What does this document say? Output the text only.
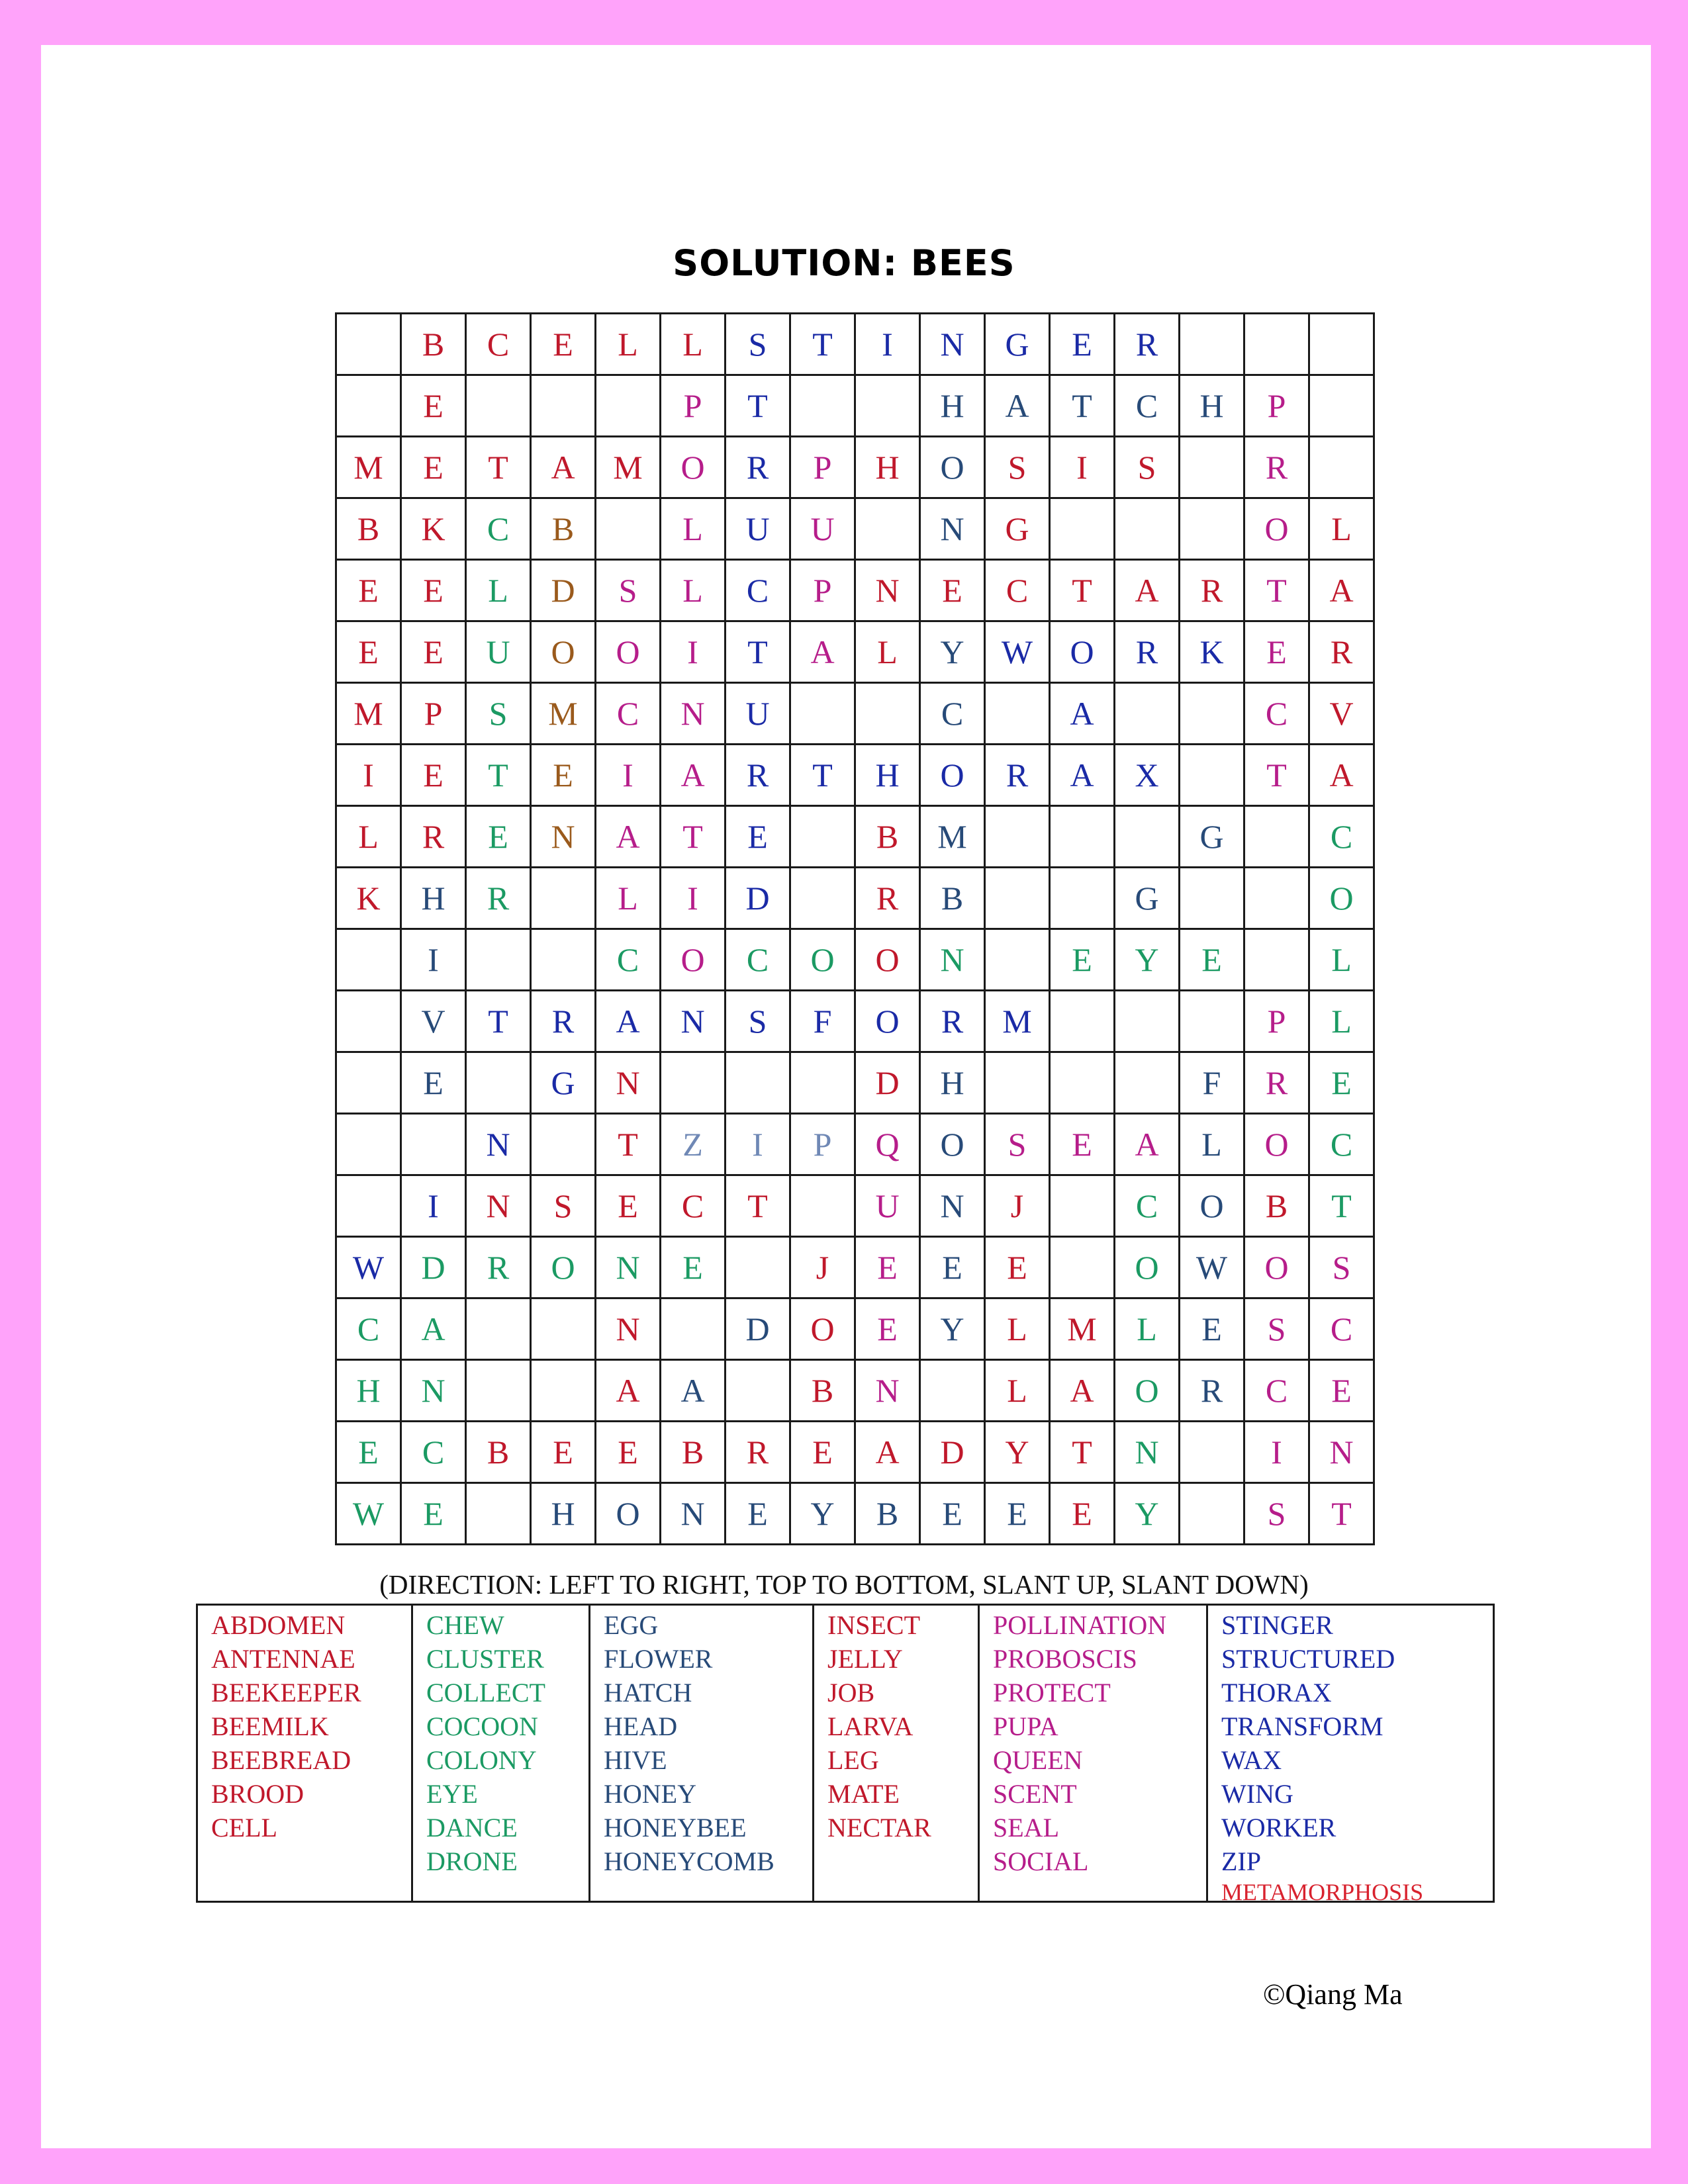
SOLUTION: BEES
	B	C	E	L	L	S	T	I	N	G	E	R			
	E				P	T			H	A	T	C	H	P	
M	E	T	A	M	O	R	P	H	O	S	I	S		R	
B	K	C	B		L	U	U		N	G				O	L
E	E	L	D	S	L	C	P	N	E	C	T	A	R	T	A
E	E	U	O	O	I	T	A	L	Y	W	O	R	K	E	R
M	P	S	M	C	N	U			C		A			C	V
I	E	T	E	I	A	R	T	H	O	R	A	X		T	A
L	R	E	N	A	T	E		B	M				G		C
K	H	R		L	I	D		R	B			G			O
	I			C	O	C	O	O	N		E	Y	E		L
	V	T	R	A	N	S	F	O	R	M				P	L
	E		G	N				D	H				F	R	E
		N		T	Z	I	P	Q	O	S	E	A	L	O	C
	I	N	S	E	C	T		U	N	J		C	O	B	T
W	D	R	O	N	E		J	E	E	E		O	W	O	S
C	A			N		D	O	E	Y	L	M	L	E	S	C
H	N			A	A		B	N		L	A	O	R	C	E
E	C	B	E	E	B	R	E	A	D	Y	T	N		I	N
W	E		H	O	N	E	Y	B	E	E	E	Y		S	T
(DIRECTION: LEFT TO RIGHT, TOP TO BOTTOM, SLANT UP, SLANT DOWN)
ABDOMEN
ANTENNAE
BEEKEEPER
BEEMILK
BEEBREAD
BROOD
CELL
CHEW
CLUSTER
COLLECT
COCOON
COLONY
EYE
DANCE
DRONE
EGG
FLOWER
HATCH
HEAD
HIVE
HONEY
HONEYBEE
HONEYCOMB
INSECT
JELLY
JOB
LARVA
LEG
MATE
NECTAR
POLLINATION
PROBOSCIS
PROTECT
PUPA
QUEEN
SCENT
SEAL
SOCIAL
STINGER
STRUCTURED
THORAX
TRANSFORM
WAX
WING
WORKER
ZIP
METAMORPHOSIS
©Qiang Ma
